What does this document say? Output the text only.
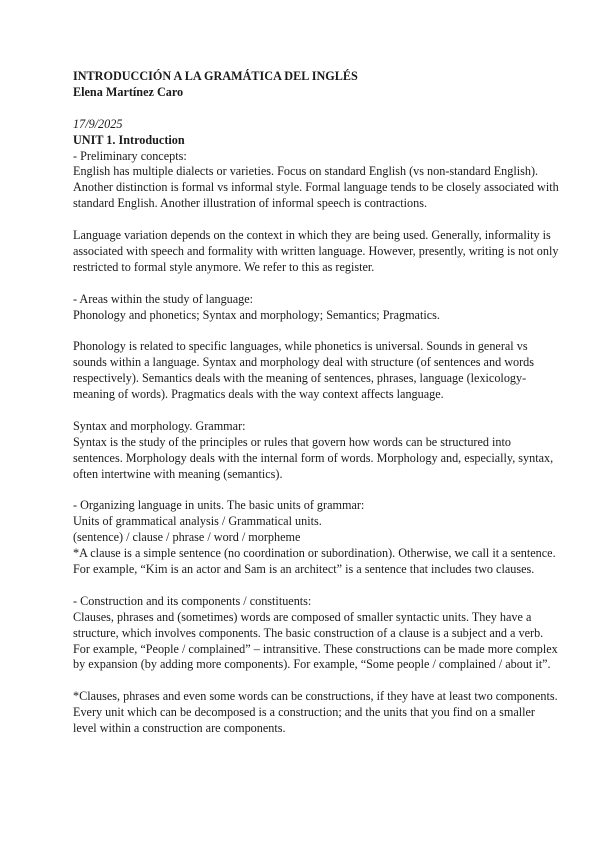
INTRODUCCIÓN A LA GRAMÁTICA DEL INGLÉS

Elena Martínez Caro

17/9/2025

UNIT 1. Introduction

- Preliminary concepts:

English has multiple dialects or varieties. Focus on standard English (vs non-standard English). Another distinction is formal vs informal style. Formal language tends to be closely associated with standard English. Another illustration of informal speech is contractions.

Language variation depends on the context in which they are being used. Generally, informality is associated with speech and formality with written language. However, presently, writing is not only restricted to formal style anymore. We refer to this as register.

- Areas within the study of language:

Phonology and phonetics; Syntax and morphology; Semantics; Pragmatics.

Phonology is related to specific languages, while phonetics is universal. Sounds in general vs sounds within a language. Syntax and morphology deal with structure (of sentences and words respectively). Semantics deals with the meaning of sentences, phrases, language (lexicology-meaning of words). Pragmatics deals with the way context affects language.

Syntax and morphology. Grammar:

Syntax is the study of the principles or rules that govern how words can be structured into sentences. Morphology deals with the internal form of words. Morphology and, especially, syntax, often intertwine with meaning (semantics).

- Organizing language in units. The basic units of grammar:

Units of grammatical analysis / Grammatical units.

(sentence) / clause / phrase / word / morpheme

*A clause is a simple sentence (no coordination or subordination). Otherwise, we call it a sentence. For example, “Kim is an actor and Sam is an architect” is a sentence that includes two clauses.

- Construction and its components / constituents:

Clauses, phrases and (sometimes) words are composed of smaller syntactic units. They have a structure, which involves components. The basic construction of a clause is a subject and a verb. For example, “People / complained” – intransitive. These constructions can be made more complex by expansion (by adding more components). For example, “Some people / complained / about it”.

*Clauses, phrases and even some words can be constructions, if they have at least two components. Every unit which can be decomposed is a construction; and the units that you find on a smaller level within a construction are components.
